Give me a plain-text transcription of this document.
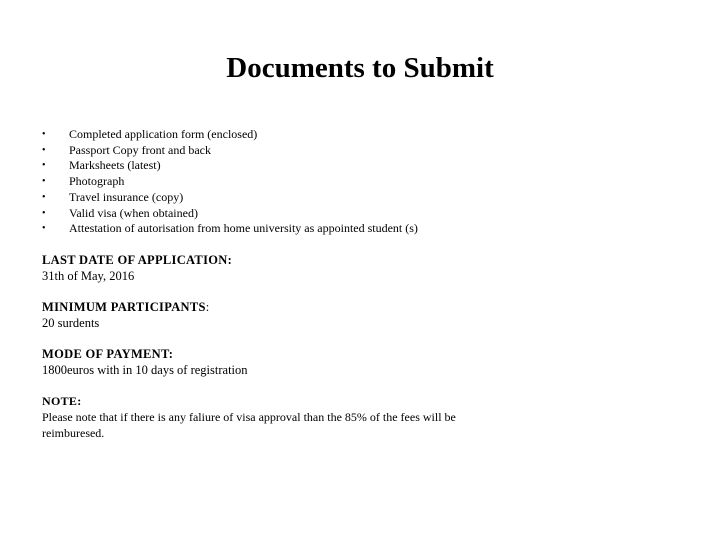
Documents to Submit
• Completed application form (enclosed)
• Passport Copy front and back
• Marksheets (latest)
• Photograph
• Travel insurance (copy)
• Valid visa (when obtained)
• Attestation of autorisation from home university as appointed student (s)
LAST DATE OF APPLICATION:
31th of May, 2016
MINIMUM PARTICIPANTS:
20 surdents
MODE OF PAYMENT:
1800euros with in 10 days of registration
NOTE:
Please note that if there is any faliure of visa approval than the 85% of the fees will be reimburesed.
